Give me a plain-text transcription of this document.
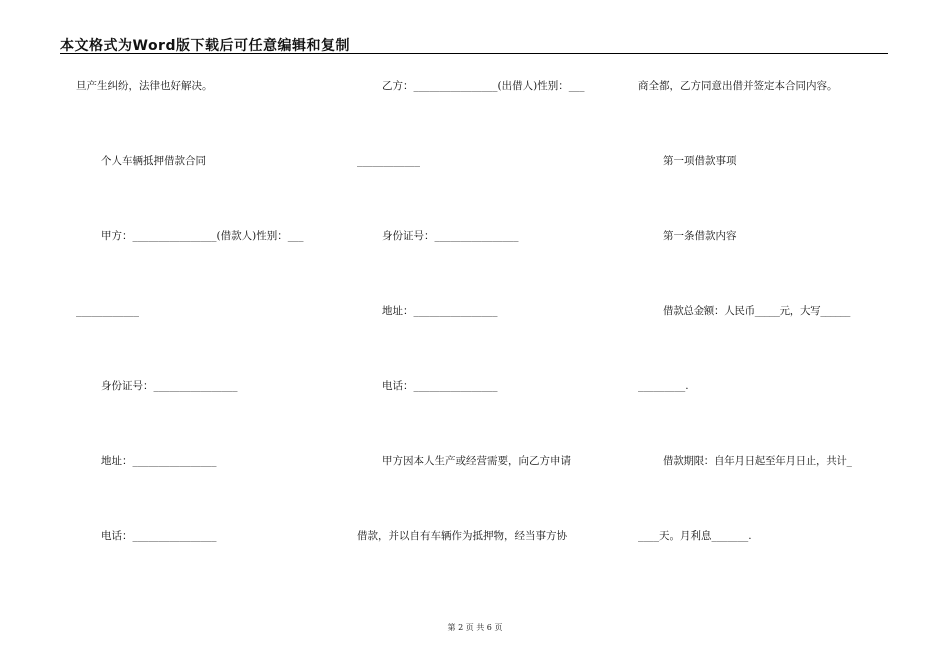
本文格式为Word版下载后可任意编辑和复制
旦产生纠纷，法律也好解决。
个人车辆抵押借款合同
甲方：________________(借款人)性别：___
____________
身份证号：________________
地址：________________
电话：________________
乙方：________________(出借人)性别：___
____________
身份证号：________________
地址：________________
电话：________________
甲方因本人生产或经营需要，向乙方申请
借款，并以自有车辆作为抵押物，经当事方协
商全都，乙方同意出借并签定本合同内容。
第一项借款事项
第一条借款内容
借款总金额：人民币_____元，大写______
_________.
借款期限：自年月日起至年月日止，共计_
____天。月利息_______.
第 2 页 共 6 页
